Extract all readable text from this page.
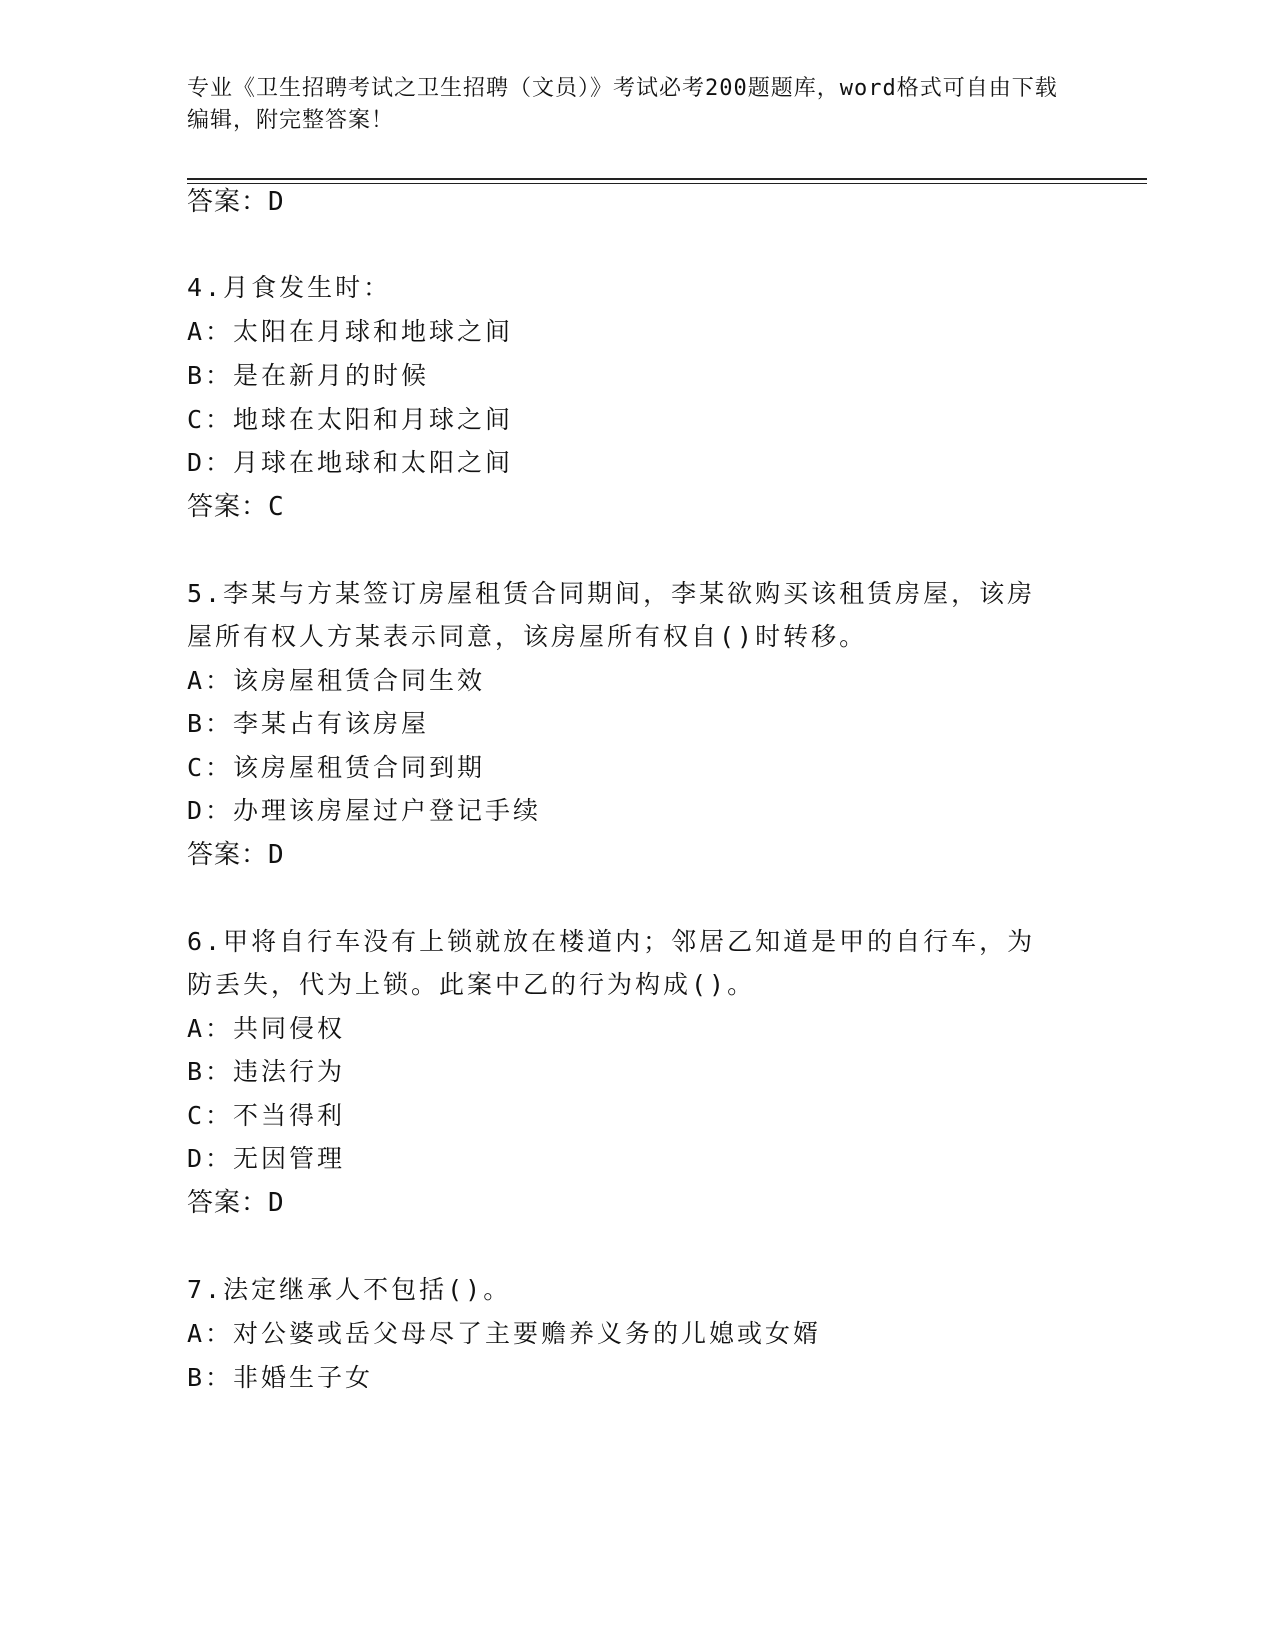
专业《卫生招聘考试之卫生招聘（文员）》考试必考200题题库，word格式可自由下载编辑，附完整答案！
答案：D
4.月食发生时：
A：太阳在月球和地球之间
B：是在新月的时候
C：地球在太阳和月球之间
D：月球在地球和太阳之间
答案：C
5.李某与方某签订房屋租赁合同期间，李某欲购买该租赁房屋，该房
屋所有权人方某表示同意，该房屋所有权自()时转移。
A：该房屋租赁合同生效
B：李某占有该房屋
C：该房屋租赁合同到期
D：办理该房屋过户登记手续
答案：D
6.甲将自行车没有上锁就放在楼道内；邻居乙知道是甲的自行车，为
防丢失，代为上锁。此案中乙的行为构成()。
A：共同侵权
B：违法行为
C：不当得利
D：无因管理
答案：D
7.法定继承人不包括()。
A：对公婆或岳父母尽了主要赡养义务的儿媳或女婿
B：非婚生子女
